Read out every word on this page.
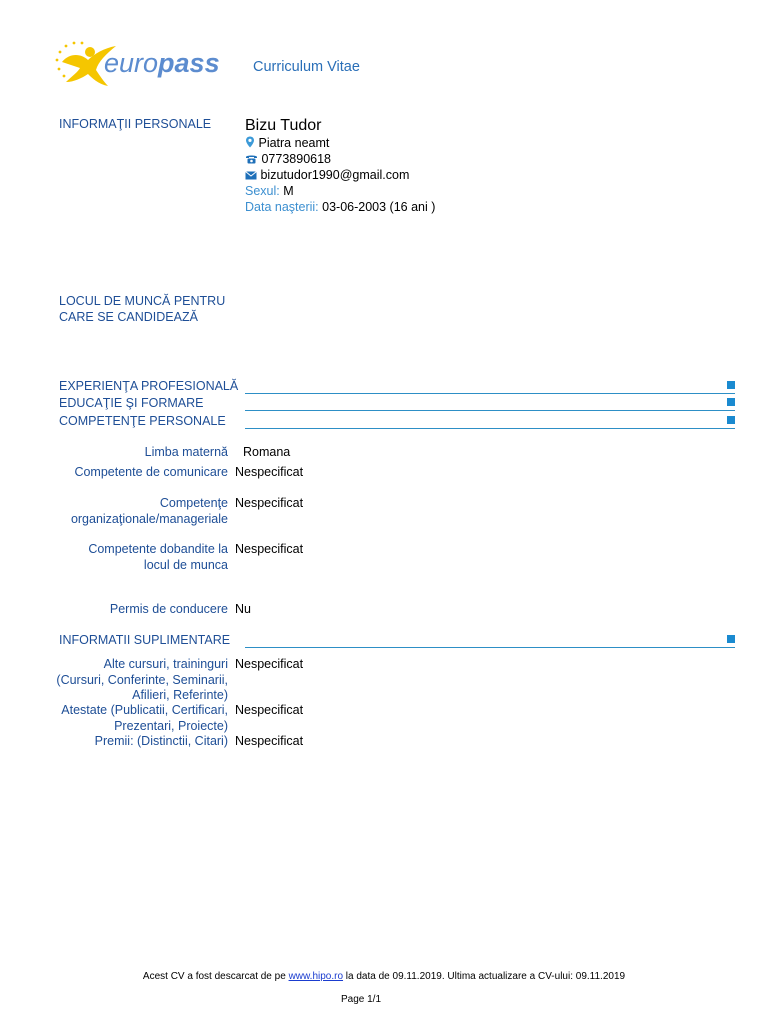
europass Curriculum Vitae
INFORMAŢII PERSONALE Bizu Tudor
Piatra neamt
0773890618
bizutudor1990@gmail.com
Sexul: M
Data naşterii: 03-06-2003 (16 ani )
LOCUL DE MUNCĂ PENTRU
CARE SE CANDIDEAZĂ
EXPERIENŢA PROFESIONALĂ
EDUCAŢIE ŞI FORMARE
COMPETENŢE PERSONALE
Limba maternă Romana
Competente de comunicare Nespecificat
Competenţe
organizaţionale/manageriale
Nespecificat
Competente dobandite la
locul de munca
Nespecificat
Permis de conducere Nu
INFORMATII SUPLIMENTARE
Alte cursuri, traininguri
(Cursuri, Conferinte, Seminarii,
Afilieri, Referinte)
Nespecificat
Atestate (Publicatii, Certificari,
Prezentari, Proiecte)
Nespecificat
Premii: (Distinctii, Citari) Nespecificat
Acest CV a fost descarcat de pe www.hipo.ro la data de 09.11.2019. Ultima actualizare a CV-ului: 09.11.2019
Page 1/1
